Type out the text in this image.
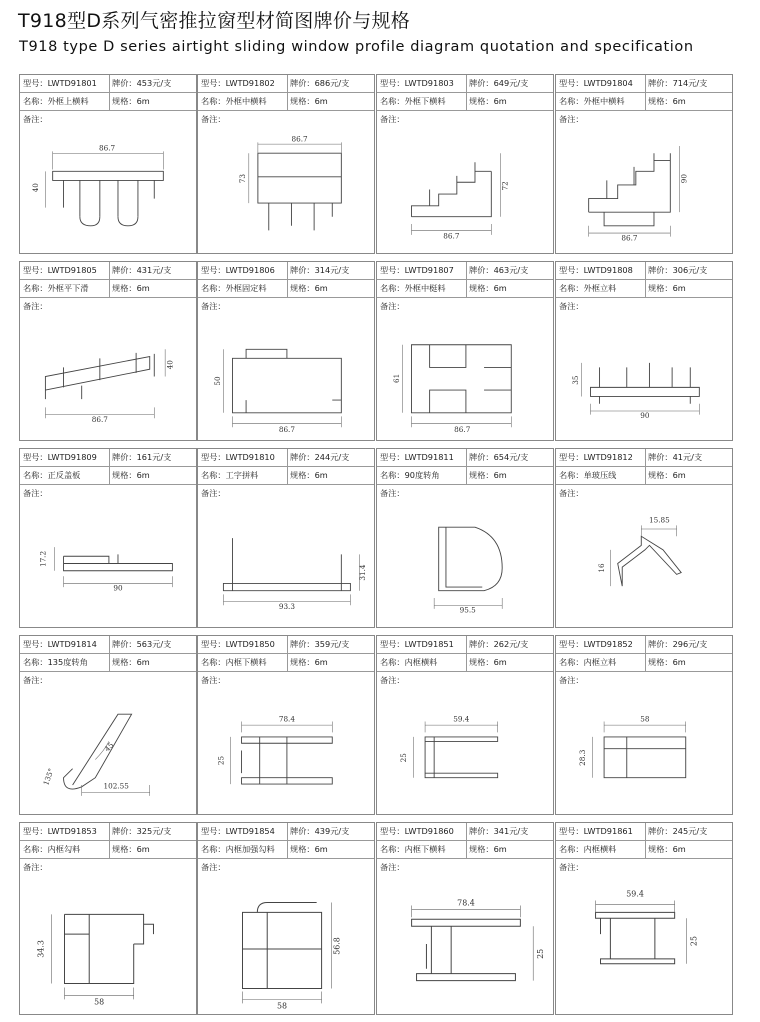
T918型D系列气密推拉窗型材简图牌价与规格
T918 type D series airtight sliding window profile diagram quotation and specification
型号：LWTD91801 牌价：453元/支
名称：外框上横料	规格：6m
备注：
86.7
40
型号：LWTD91802 牌价：686元/支
名称：外框中横料	规格：6m
备注：
86.7
73
型号：LWTD91803 牌价：649元/支
名称：外框下横料	规格：6m
备注：
86.7
72
型号：LWTD91804 牌价：714元/支
名称：外框中横料	规格：6m
备注：
86.7
90
型号：LWTD91805 牌价：431元/支
名称：外框平下滑	规格：6m
备注：
86.7
40
型号：LWTD91806 牌价：314元/支
名称：外框固定料	规格：6m
备注：
86.7
50
型号：LWTD91807 牌价：463元/支
名称：外框中梃料	规格：6m
备注：
86.7
61
型号：LWTD91808 牌价：306元/支
名称：外框立料	规格：6m
备注：
90
35
型号：LWTD91809 牌价：161元/支
名称：正反盖板	规格：6m
备注：
90
17.2
型号：LWTD91810 牌价：244元/支
名称：工字拼料	规格：6m
备注：
93.3
31.4
型号：LWTD91811 牌价：654元/支
名称：90度转角	规格：6m
备注：
95.5
型号：LWTD91812 牌价：41元/支
名称：单玻压线	规格：6m
备注：
15.85
16
型号：LWTD91814 牌价：563元/支
名称：135度转角	规格：6m
备注：
102.55
45
135°
型号：LWTD91850 牌价：359元/支
名称：内框下横料	规格：6m
备注：
78.4
25
型号：LWTD91851 牌价：262元/支
名称：内框横料	规格：6m
备注：
59.4
25
型号：LWTD91852 牌价：296元/支
名称：内框立料	规格：6m
备注：
58
28.3
型号：LWTD91853 牌价：325元/支
名称：内框勾料	规格：6m
备注：
58
34.3
型号：LWTD91854 牌价：439元/支
名称：内框加强勾料 规格：6m
备注：
58
56.8
型号：LWTD91860 牌价：341元/支
名称：内框下横料	规格：6m
备注：
78.4
25
型号：LWTD91861 牌价：245元/支
名称：内框横料	规格：6m
备注：
59.4
25
